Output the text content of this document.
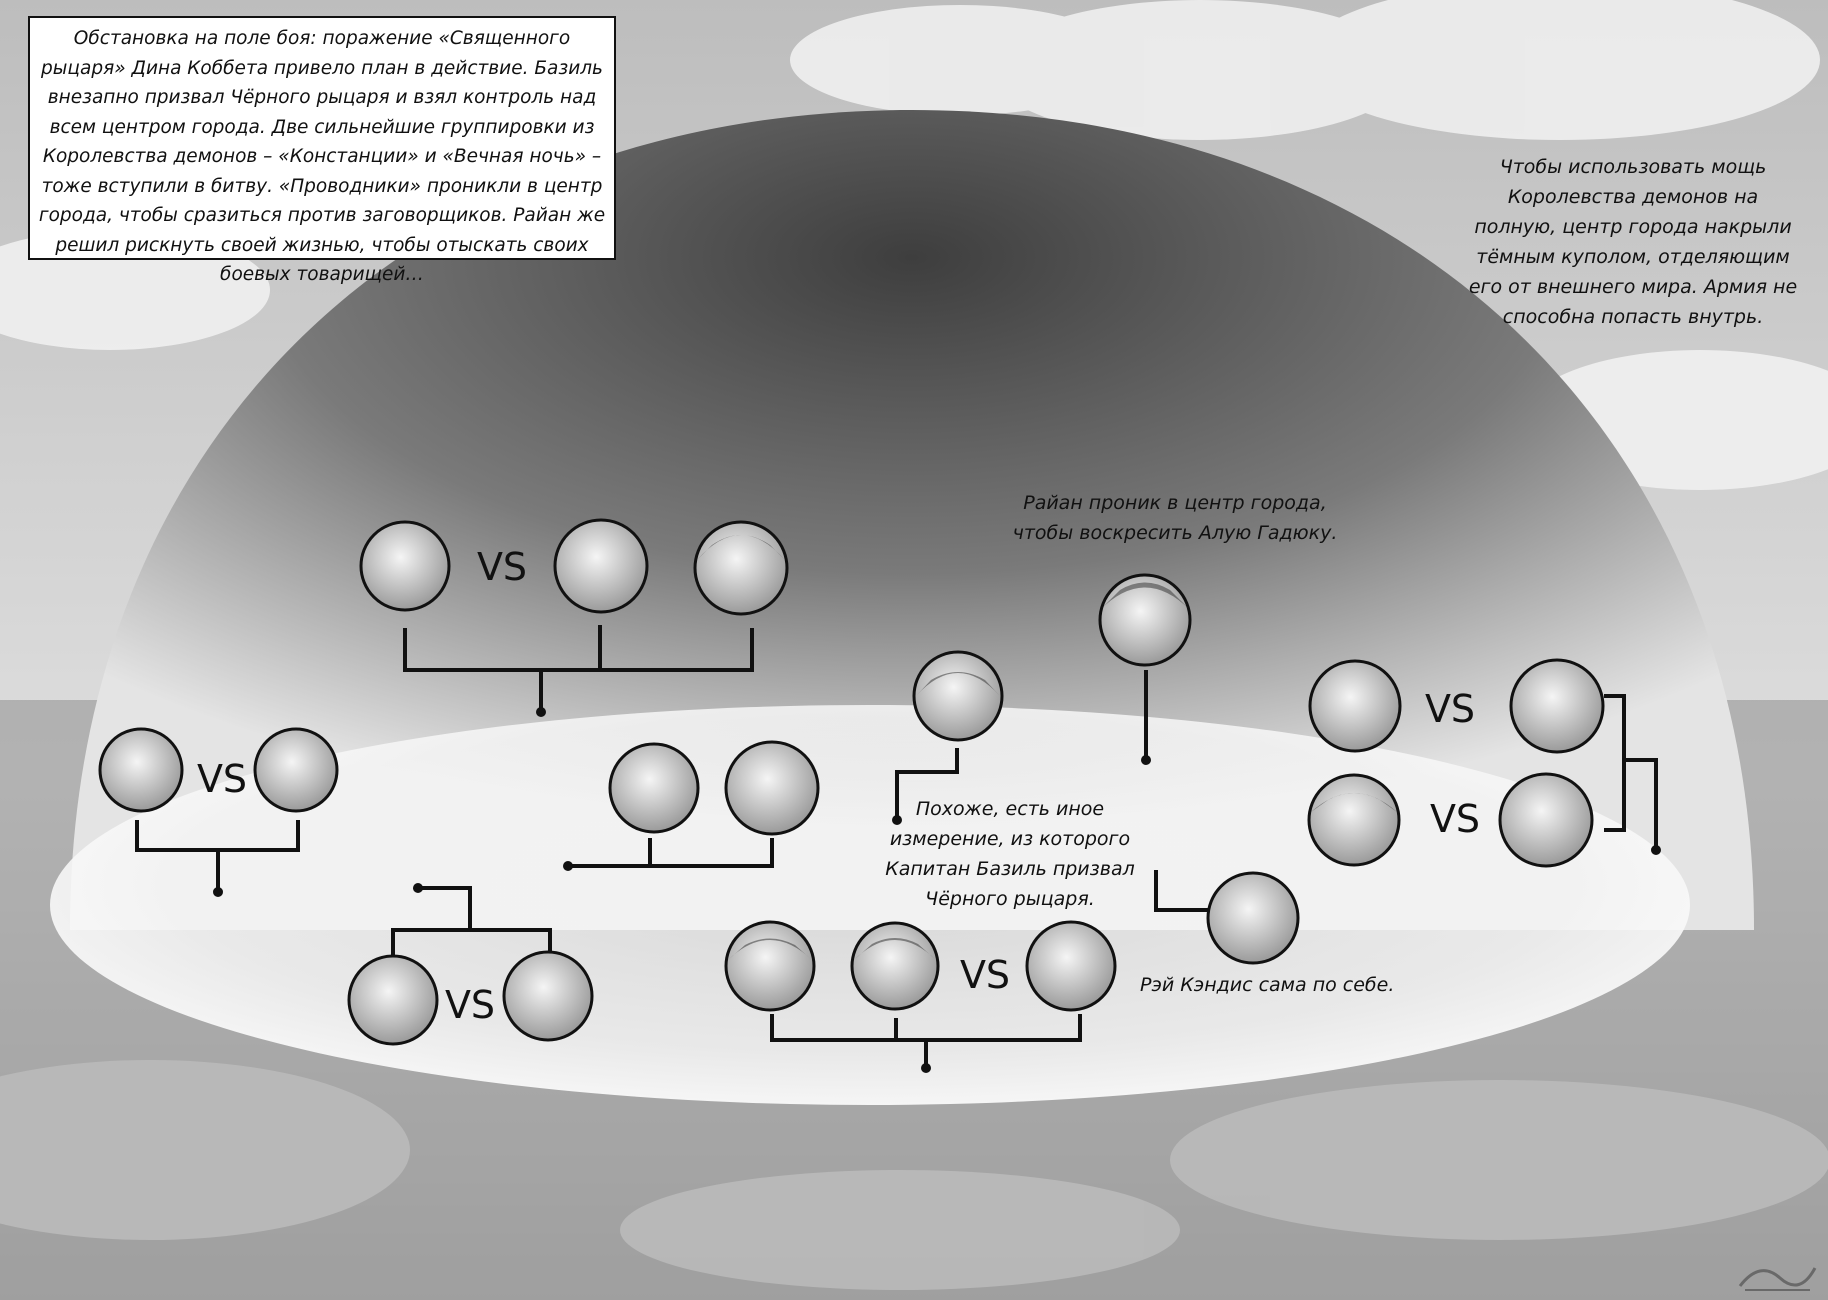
VS
VS
VS
VS
VS
VS
Обстановка на поле боя: поражение «Священного рыцаря» Дина Коббета привело план в действие. Базиль внезапно призвал Чёрного рыцаря и взял контроль над всем центром города. Две сильнейшие группировки из Королевства демонов – «Констанции» и «Вечная ночь» – тоже вступили в битву. «Проводники» проникли в центр города, чтобы сразиться против заговорщиков. Райан же решил рискнуть своей жизнью, чтобы отыскать своих боевых товарищей…
Чтобы использовать мощь Королевства демонов на полную, центр города накрыли тёмным куполом, отделяющим его от внешнего мира. Армия не способна попасть внутрь.
Райан проник в центр города, чтобы воскресить Алую Гадюку.
Похоже, есть иное измерение, из которого Капитан Базиль призвал Чёрного рыцаря.
Рэй Кэндис сама по себе.
